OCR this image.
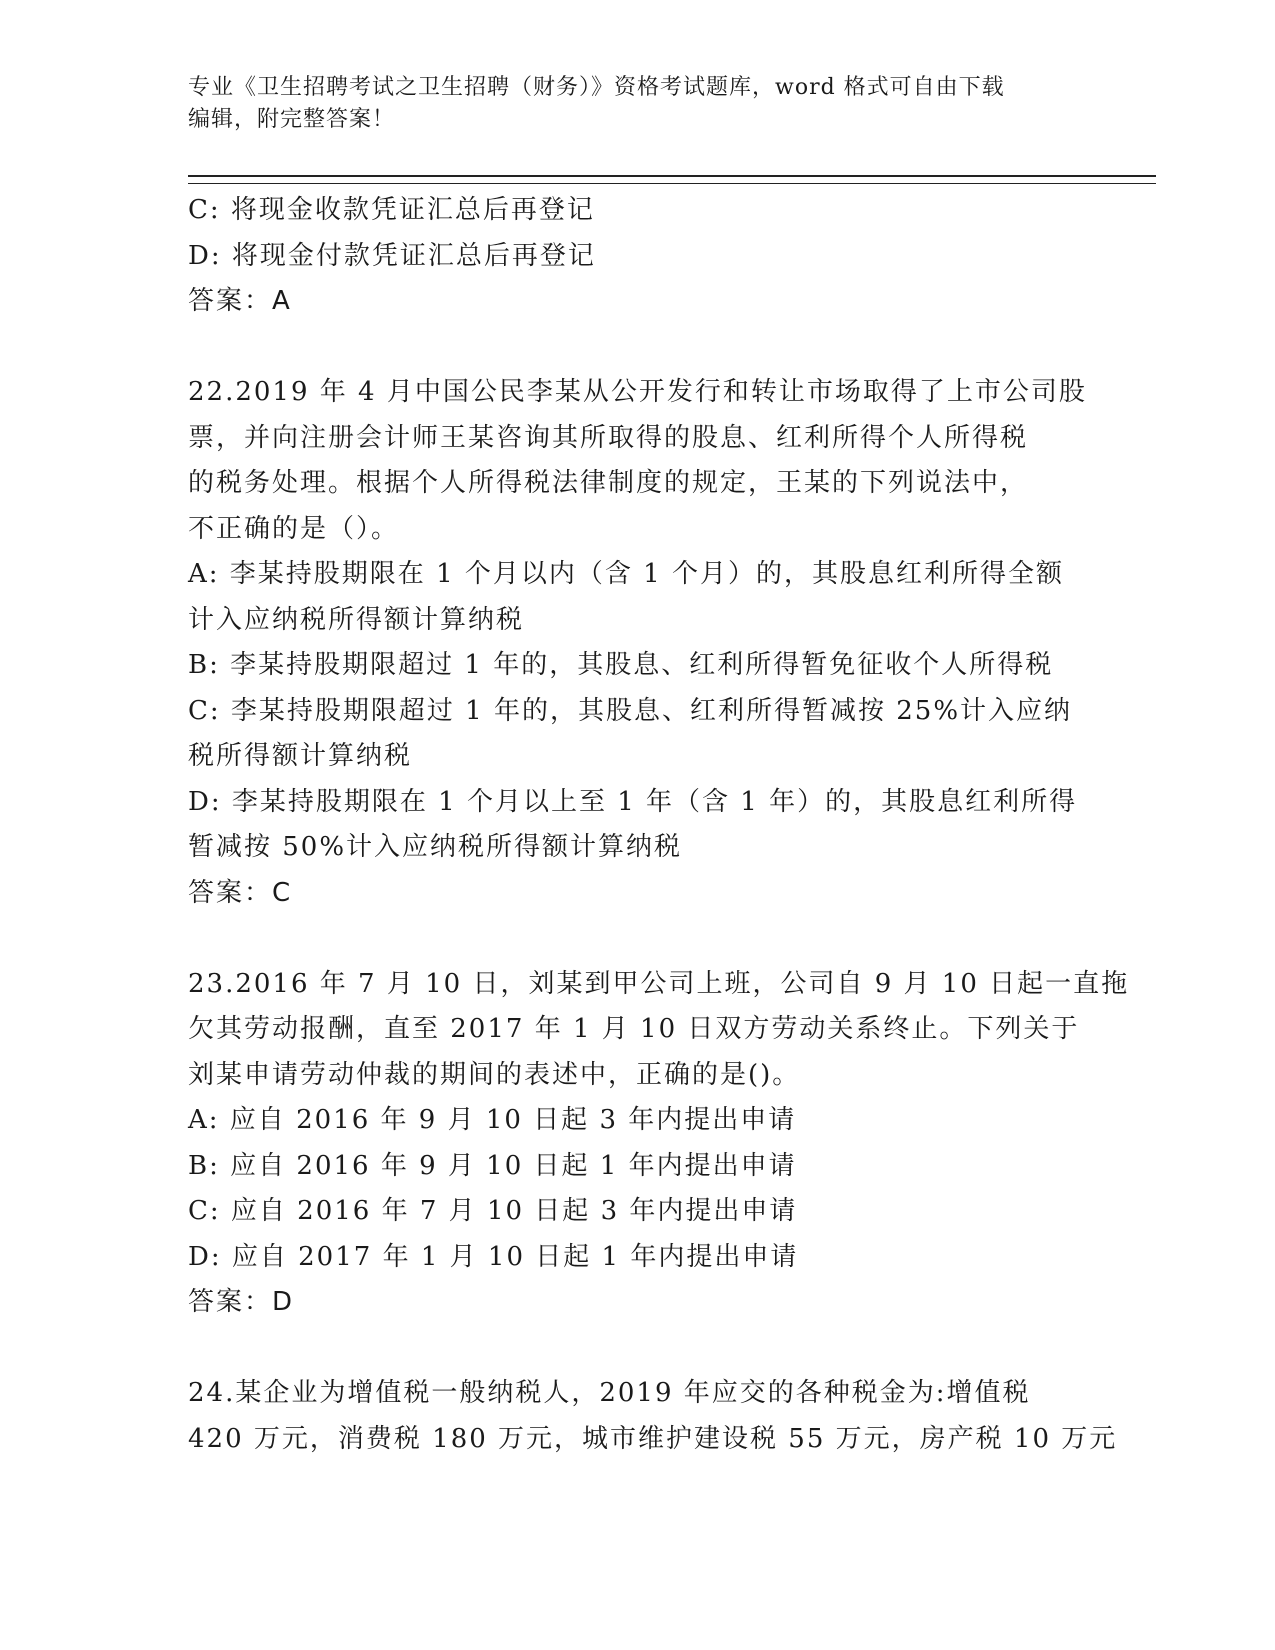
专业《卫生招聘考试之卫生招聘（财务）》资格考试题库，word 格式可自由下载
编辑，附完整答案！
C: 将现金收款凭证汇总后再登记
D: 将现金付款凭证汇总后再登记
答案：A
22.2019 年 4 月中国公民李某从公开发行和转让市场取得了上市公司股
票，并向注册会计师王某咨询其所取得的股息、红利所得个人所得税
的税务处理。根据个人所得税法律制度的规定，王某的下列说法中，
不正确的是（）。
A: 李某持股期限在 1 个月以内（含 1 个月）的，其股息红利所得全额
计入应纳税所得额计算纳税
B: 李某持股期限超过 1 年的，其股息、红利所得暂免征收个人所得税
C: 李某持股期限超过 1 年的，其股息、红利所得暂减按 25%计入应纳
税所得额计算纳税
D: 李某持股期限在 1 个月以上至 1 年（含 1 年）的，其股息红利所得
暂减按 50%计入应纳税所得额计算纳税
答案：C
23.2016 年 7 月 10 日，刘某到甲公司上班，公司自 9 月 10 日起一直拖
欠其劳动报酬，直至 2017 年 1 月 10 日双方劳动关系终止。下列关于
刘某申请劳动仲裁的期间的表述中，正确的是()。
A: 应自 2016 年 9 月 10 日起 3 年内提出申请
B: 应自 2016 年 9 月 10 日起 1 年内提出申请
C: 应自 2016 年 7 月 10 日起 3 年内提出申请
D: 应自 2017 年 1 月 10 日起 1 年内提出申请
答案：D
24.某企业为增值税一般纳税人，2019 年应交的各种税金为:增值税
420 万元，消费税 180 万元，城市维护建设税 55 万元，房产税 10 万元
